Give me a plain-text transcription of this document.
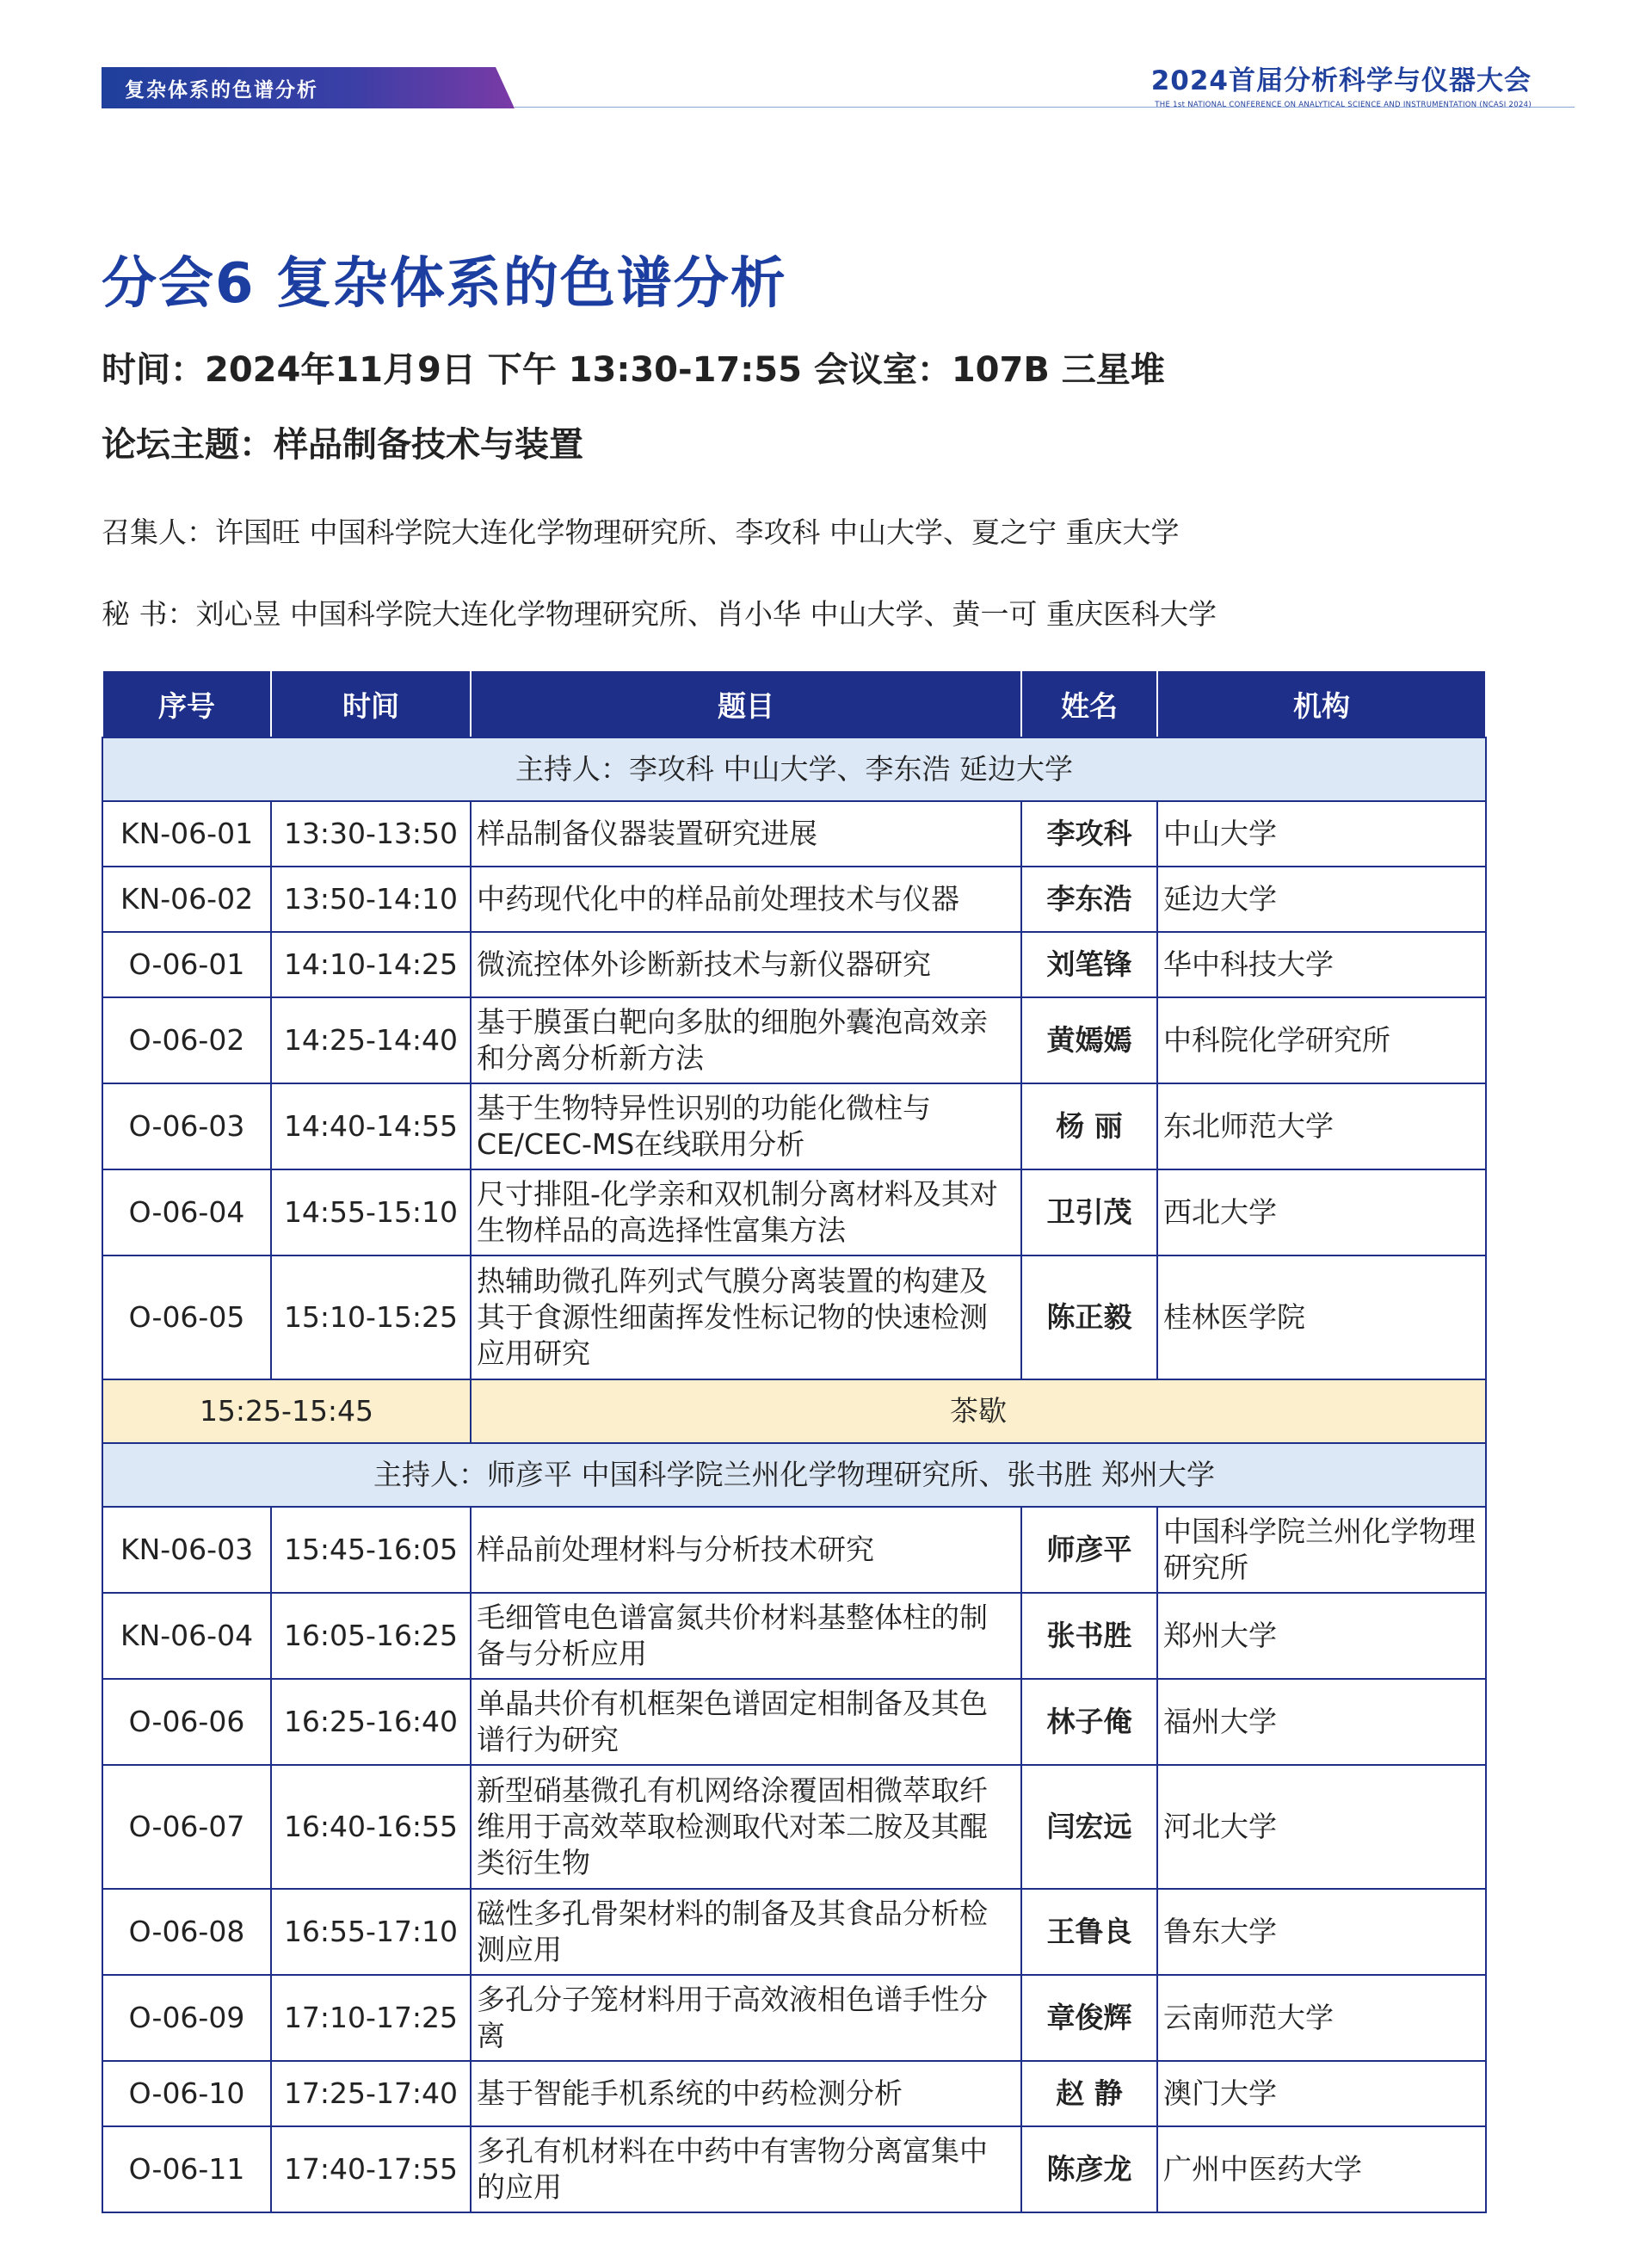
复杂体系的色谱分析	2024首届分析科学与仪器大会
THE 1st NATIONAL CONFERENCE ON ANALYTICAL SCIENCE AND INSTRUMENTATION (NCASI 2024)
分会6 复杂体系的色谱分析
时间：2024年11月9日 下午 13:30-17:55 会议室：107B 三星堆
论坛主题：样品制备技术与装置
召集人：许国旺 中国科学院大连化学物理研究所、李攻科 中山大学、夏之宁 重庆大学
秘 书：刘心昱 中国科学院大连化学物理研究所、肖小华 中山大学、黄一可 重庆医科大学
序号	时间	题目	姓名	机构
主持人：李攻科 中山大学、李东浩 延边大学				
KN-06-01	13:30-13:50	样品制备仪器装置研究进展	李攻科	中山大学
KN-06-02	13:50-14:10	中药现代化中的样品前处理技术与仪器	李东浩	延边大学
O-06-01	14:10-14:25	微流控体外诊断新技术与新仪器研究	刘笔锋	华中科技大学
O-06-02	14:25-14:40	基于膜蛋白靶向多肽的细胞外囊泡高效亲和分离分析新方法	黄嫣嫣	中科院化学研究所
O-06-03	14:40-14:55	基于生物特异性识别的功能化微柱与CE/CEC-MS在线联用分析	杨 丽	东北师范大学
O-06-04	14:55-15:10	尺寸排阻-化学亲和双机制分离材料及其对生物样品的高选择性富集方法	卫引茂	西北大学
O-06-05	15:10-15:25	热辅助微孔阵列式气膜分离装置的构建及其于食源性细菌挥发性标记物的快速检测应用研究	陈正毅	桂林医学院
15:25-15:45		茶歇		
主持人：师彦平 中国科学院兰州化学物理研究所、张书胜 郑州大学				
KN-06-03	15:45-16:05	样品前处理材料与分析技术研究	师彦平	中国科学院兰州化学物理研究所
KN-06-04	16:05-16:25	毛细管电色谱富氮共价材料基整体柱的制备与分析应用	张书胜	郑州大学
O-06-06	16:25-16:40	单晶共价有机框架色谱固定相制备及其色谱行为研究	林子俺	福州大学
O-06-07	16:40-16:55	新型硝基微孔有机网络涂覆固相微萃取纤维用于高效萃取检测取代对苯二胺及其醌类衍生物	闫宏远	河北大学
O-06-08	16:55-17:10	磁性多孔骨架材料的制备及其食品分析检测应用	王鲁良	鲁东大学
O-06-09	17:10-17:25	多孔分子笼材料用于高效液相色谱手性分离	章俊辉	云南师范大学
O-06-10	17:25-17:40	基于智能手机系统的中药检测分析	赵 静	澳门大学
O-06-11	17:40-17:55	多孔有机材料在中药中有害物分离富集中的应用	陈彦龙	广州中医药大学
